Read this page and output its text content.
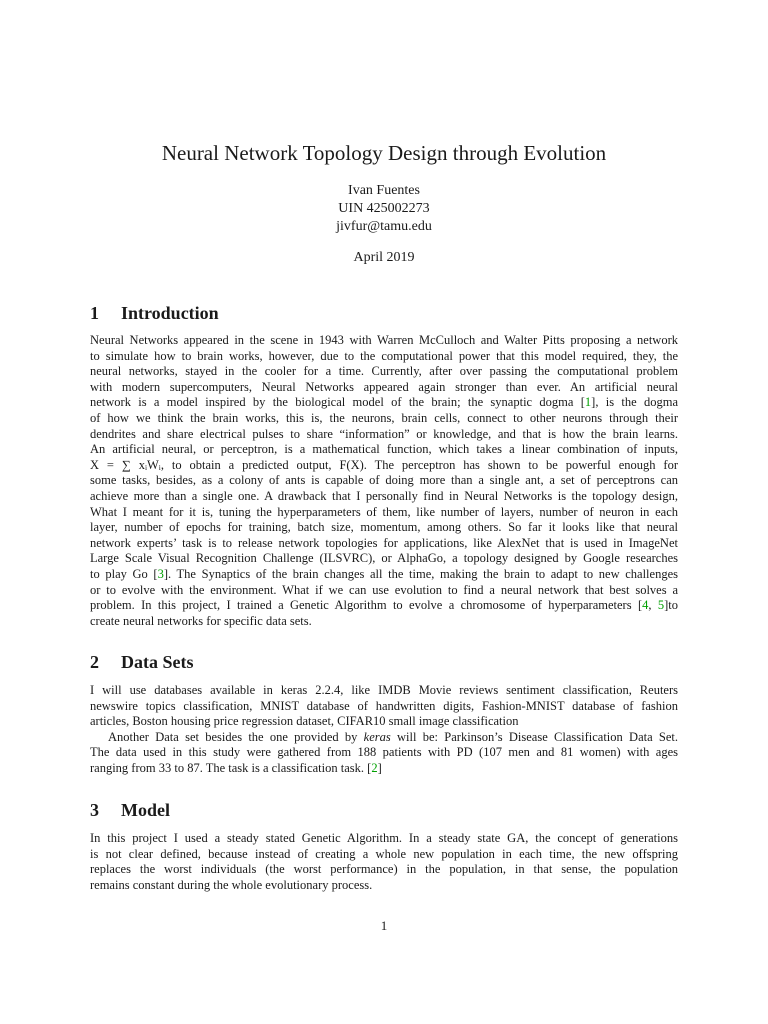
Neural Network Topology Design through Evolution
Ivan Fuentes
UIN 425002273
jivfur@tamu.edu
April 2019
1 Introduction
Neural Networks appeared in the scene in 1943 with Warren McCulloch and Walter Pitts proposing a network
to simulate how to brain works, however, due to the computational power that this model required, they, the
neural networks, stayed in the cooler for a time. Currently, after over passing the computational problem
with modern supercomputers, Neural Networks appeared again stronger than ever. An artificial neural
network is a model inspired by the biological model of the brain; the synaptic dogma [1], is the dogma
of how we think the brain works, this is, the neurons, brain cells, connect to other neurons through their
dendrites and share electrical pulses to share “information” or knowledge, and that is how the brain learns.
An artificial neural, or perceptron, is a mathematical function, which takes a linear combination of inputs,
X = ∑ xᵢWᵢ, to obtain a predicted output, F(X). The perceptron has shown to be powerful enough for
some tasks, besides, as a colony of ants is capable of doing more than a single ant, a set of perceptrons can
achieve more than a single one. A drawback that I personally find in Neural Networks is the topology design,
What I meant for it is, tuning the hyperparameters of them, like number of layers, number of neuron in each
layer, number of epochs for training, batch size, momentum, among others. So far it looks like that neural
network experts’ task is to release network topologies for applications, like AlexNet that is used in ImageNet
Large Scale Visual Recognition Challenge (ILSVRC), or AlphaGo, a topology designed by Google researches
to play Go [3]. The Synaptics of the brain changes all the time, making the brain to adapt to new challenges
or to evolve with the environment. What if we can use evolution to find a neural network that best solves a
problem. In this project, I trained a Genetic Algorithm to evolve a chromosome of hyperparameters [4, 5]to
create neural networks for specific data sets.
2 Data Sets
I will use databases available in keras 2.2.4, like IMDB Movie reviews sentiment classification, Reuters
newswire topics classification, MNIST database of handwritten digits, Fashion-MNIST database of fashion
articles, Boston housing price regression dataset, CIFAR10 small image classification
Another Data set besides the one provided by keras will be: Parkinson’s Disease Classification Data Set.
The data used in this study were gathered from 188 patients with PD (107 men and 81 women) with ages
ranging from 33 to 87. The task is a classification task. [2]
3 Model
In this project I used a steady stated Genetic Algorithm. In a steady state GA, the concept of generations
is not clear defined, because instead of creating a whole new population in each time, the new offspring
replaces the worst individuals (the worst performance) in the population, in that sense, the population
remains constant during the whole evolutionary process.
1
